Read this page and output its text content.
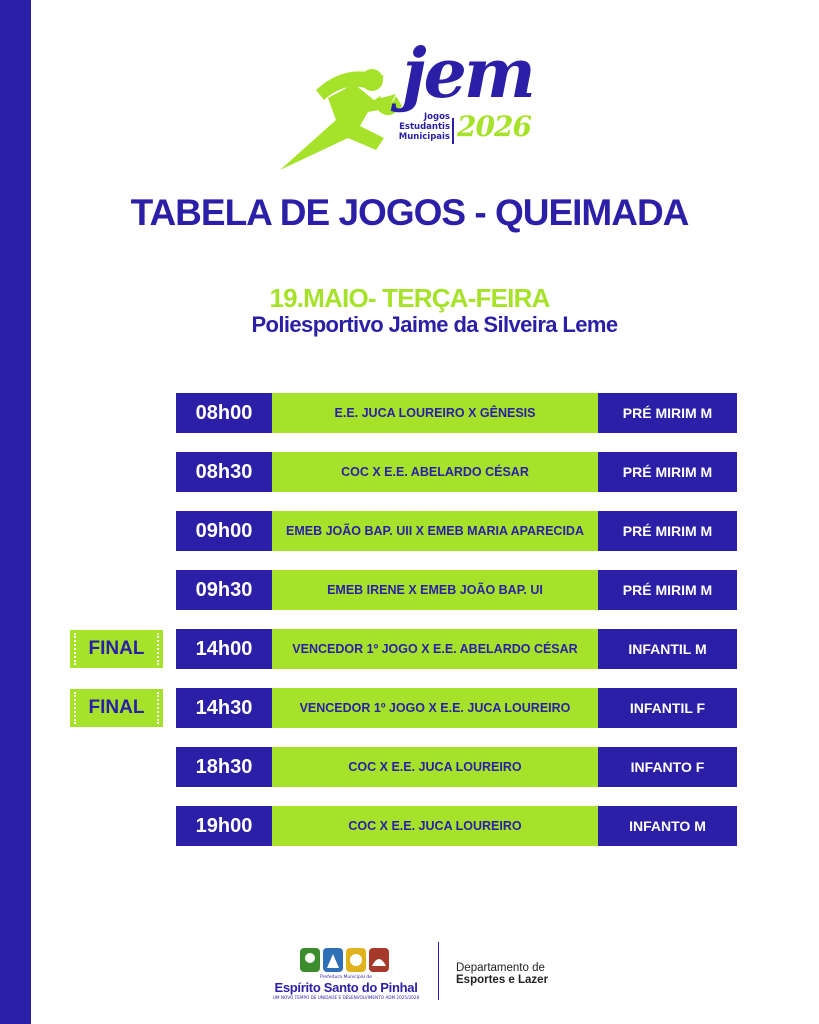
jem
Jogos
Estudantis
Municipais 2026
TABELA DE JOGOS - QUEIMADA
19.MAIO- TERÇA-FEIRA
Poliesportivo Jaime da Silveira Leme
08h00	E.E. JUCA LOUREIRO X GÊNESIS	PRÉ MIRIM M
08h30	COC X E.E. ABELARDO CÉSAR	PRÉ MIRIM M
09h00	EMEB JOÃO BAP. UII X EMEB MARIA APARECIDA	PRÉ MIRIM M
09h30	EMEB IRENE X EMEB JOÃO BAP. UI	PRÉ MIRIM M
FINAL	14h00	VENCEDOR 1º JOGO X E.E. ABELARDO CÉSAR	INFANTIL M
FINAL	14h30	VENCEDOR 1º JOGO X E.E. JUCA LOUREIRO	INFANTIL F
18h30	COC X E.E. JUCA LOUREIRO	INFANTO F
19h00	COC X E.E. JUCA LOUREIRO	INFANTO M
Prefeitura Municipal de
Espírito Santo do Pinhal
UM NOVO TEMPO DE UNIDADE E DESENVOLVIMENTO ADM 2025/2028
Departamento de
Esportes e Lazer
